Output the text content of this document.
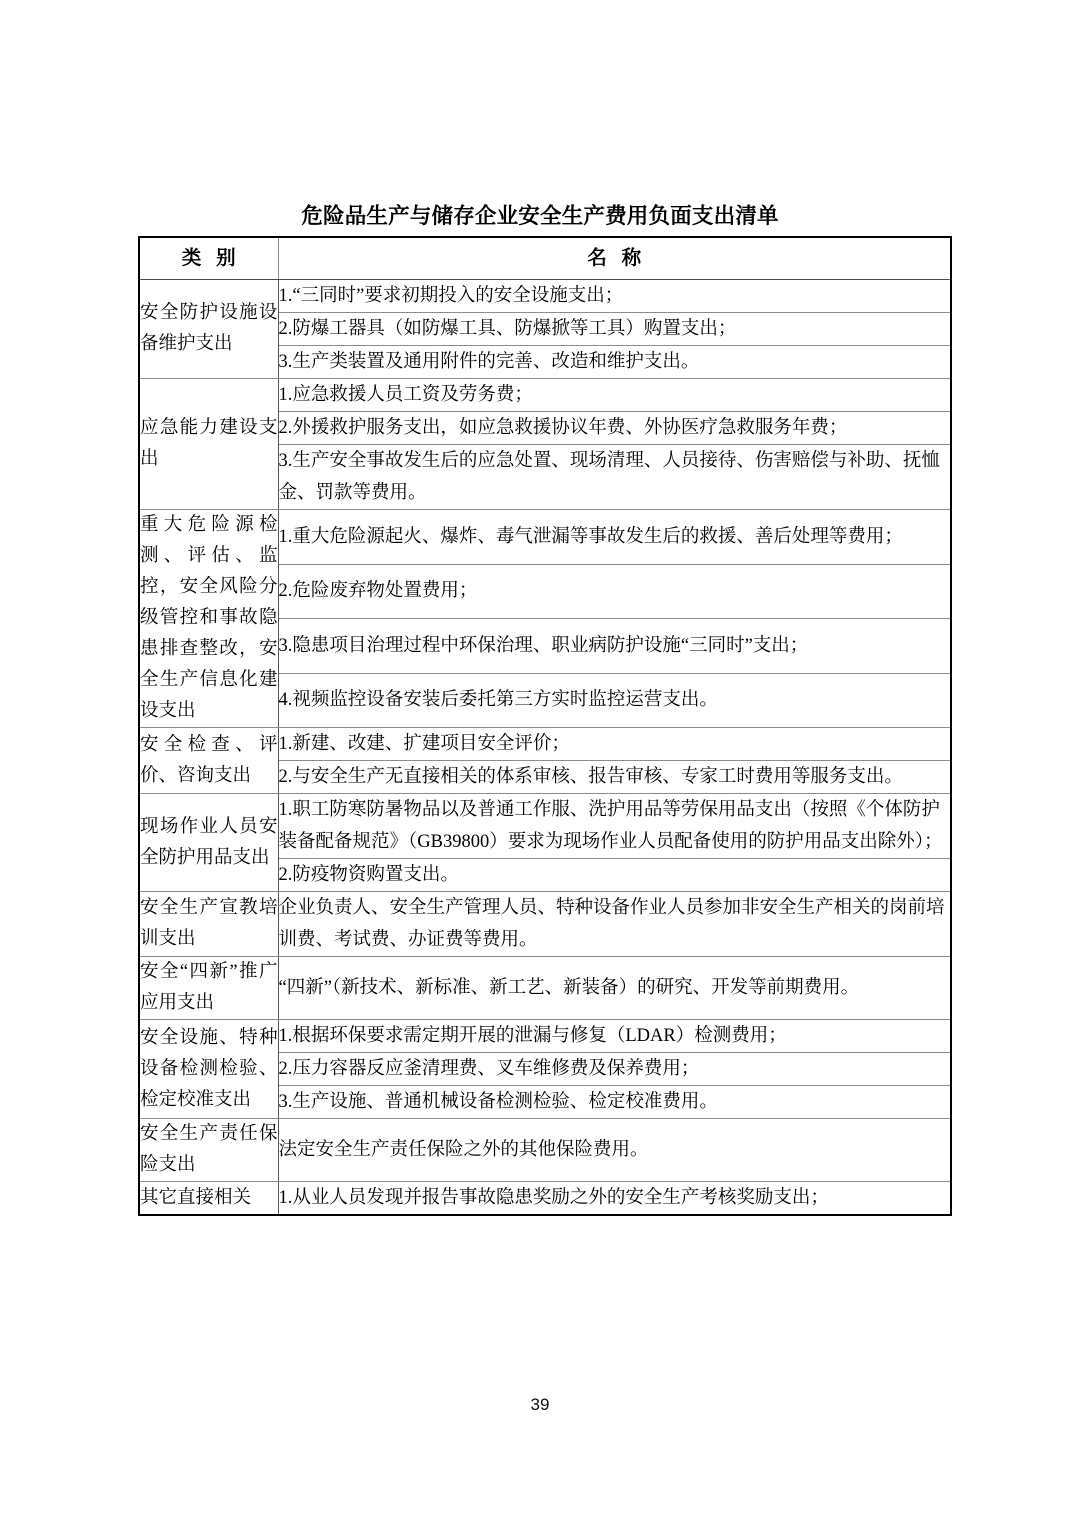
危险品生产与储存企业安全生产费用负面支出清单
类 别	名 称
安全防护设施设备维护支出	1.“三同时”要求初期投入的安全设施支出；
	2.防爆工器具（如防爆工具、防爆掀等工具）购置支出；
	3.生产类装置及通用附件的完善、改造和维护支出。
应急能力建设支出	1.应急救援人员工资及劳务费；
	2.外援救护服务支出，如应急救援协议年费、外协医疗急救服务年费；
	3.生产安全事故发生后的应急处置、现场清理、人员接待、伤害赔偿与补助、抚恤金、罚款等费用。
重大危险源检测、评估、监控，安全风险分级管控和事故隐患排查整改，安全生产信息化建设支出	1.重大危险源起火、爆炸、毒气泄漏等事故发生后的救援、善后处理等费用；
	2.危险废弃物处置费用；
	3.隐患项目治理过程中环保治理、职业病防护设施“三同时”支出；
	4.视频监控设备安装后委托第三方实时监控运营支出。
安全检查、评价、咨询支出	1.新建、改建、扩建项目安全评价；
	2.与安全生产无直接相关的体系审核、报告审核、专家工时费用等服务支出。
现场作业人员安全防护用品支出	1.职工防寒防暑物品以及普通工作服、洗护用品等劳保用品支出（按照《个体防护装备配备规范》（GB39800）要求为现场作业人员配备使用的防护用品支出除外）；
	2.防疫物资购置支出。
安全生产宣教培训支出	企业负责人、安全生产管理人员、特种设备作业人员参加非安全生产相关的岗前培训费、考试费、办证费等费用。
安全“四新”推广应用支出	“四新”（新技术、新标准、新工艺、新装备）的研究、开发等前期费用。
安全设施、特种设备检测检验、检定校准支出	1.根据环保要求需定期开展的泄漏与修复（LDAR）检测费用；
	2.压力容器反应釜清理费、叉车维修费及保养费用；
	3.生产设施、普通机械设备检测检验、检定校准费用。
安全生产责任保险支出	法定安全生产责任保险之外的其他保险费用。
其它直接相关	1.从业人员发现并报告事故隐患奖励之外的安全生产考核奖励支出；
39
